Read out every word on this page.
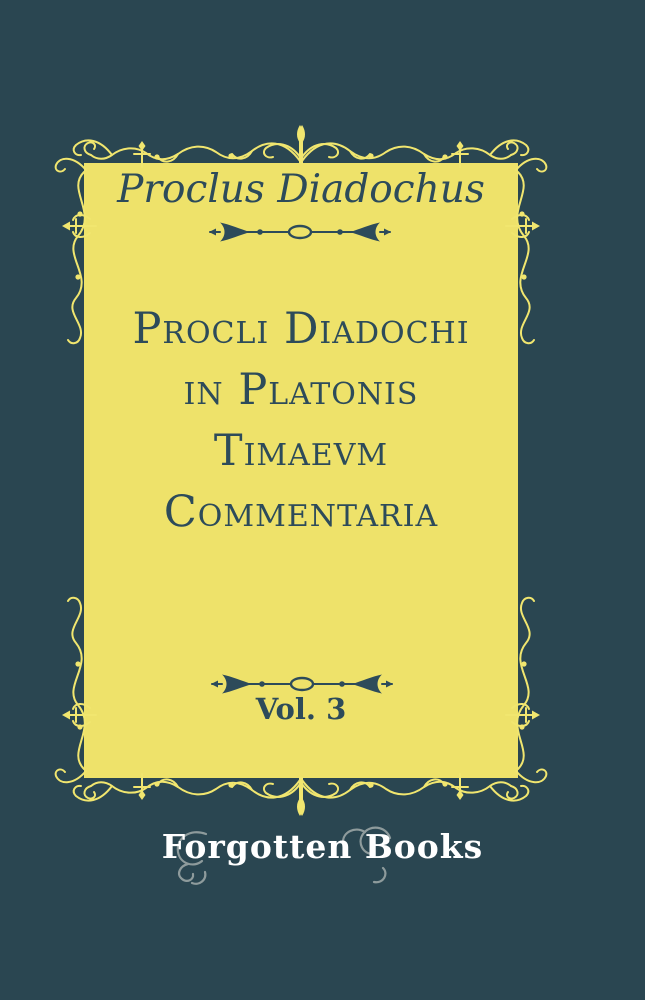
Proclus Diadochus
Procli Diadochi
in Platonis
Timaevm
Commentaria
Vol. 3
Forgotten Books
